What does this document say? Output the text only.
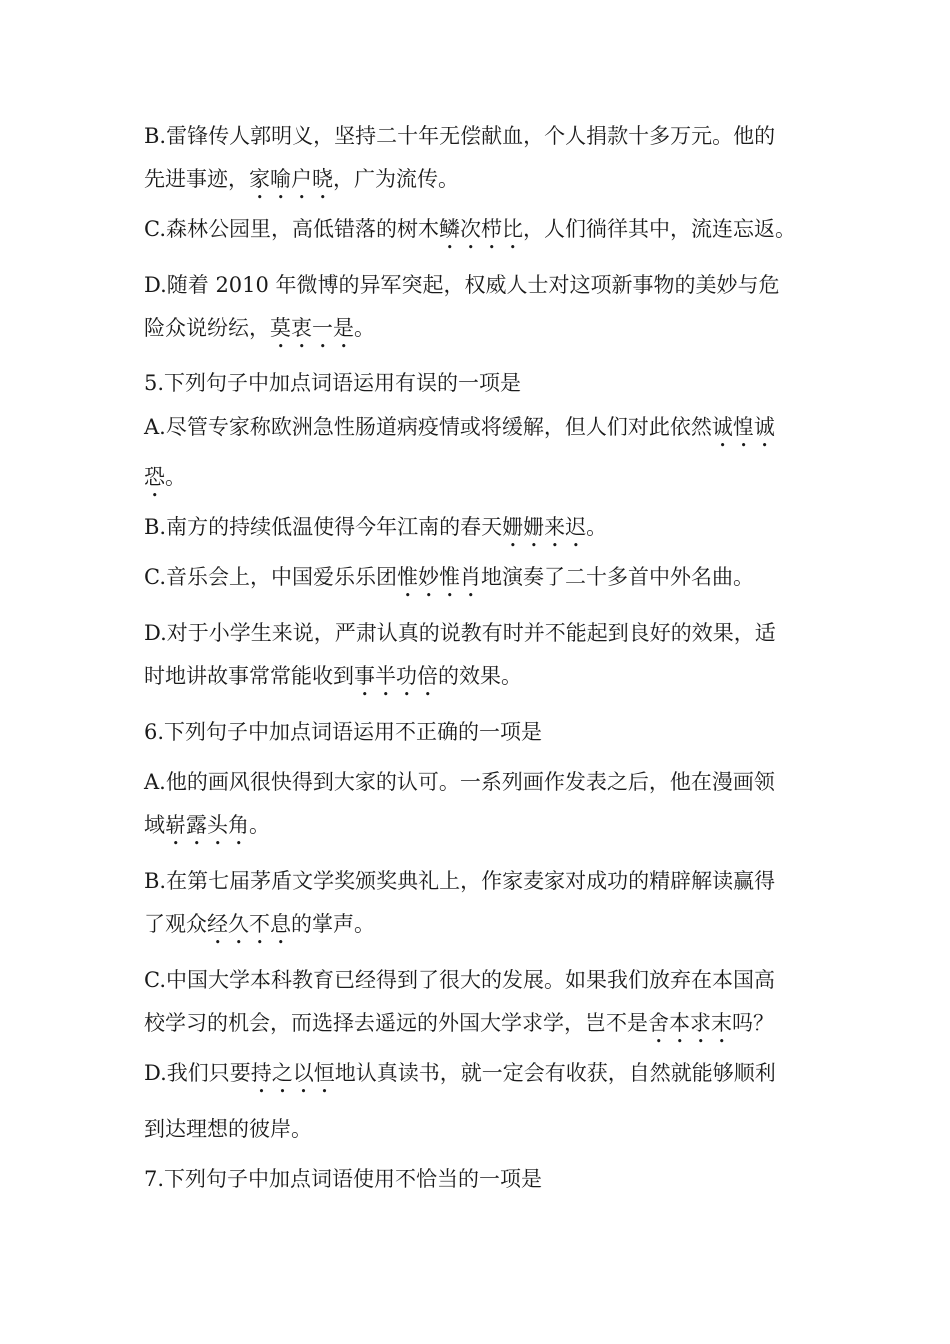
B.雷锋传人郭明义，坚持二十年无偿献血，个人捐款十多万元。他的
先进事迹，家喻户晓，广为流传。
C.森林公园里，高低错落的树木鳞次栉比，人们徜徉其中，流连忘返。
D.随着 2010 年微博的异军突起，权威人士对这项新事物的美妙与危
险众说纷纭，莫衷一是。
5.下列句子中加点词语运用有误的一项是
A.尽管专家称欧洲急性肠道病疫情或将缓解，但人们对此依然诚惶诚
恐。
B.南方的持续低温使得今年江南的春天姗姗来迟。
C.音乐会上，中国爱乐乐团惟妙惟肖地演奏了二十多首中外名曲。
D.对于小学生来说，严肃认真的说教有时并不能起到良好的效果，适
时地讲故事常常能收到事半功倍的效果。
6.下列句子中加点词语运用不正确的一项是
A.他的画风很快得到大家的认可。一系列画作发表之后，他在漫画领
域崭露头角。
B.在第七届茅盾文学奖颁奖典礼上，作家麦家对成功的精辟解读赢得
了观众经久不息的掌声。
C.中国大学本科教育已经得到了很大的发展。如果我们放弃在本国高
校学习的机会，而选择去遥远的外国大学求学，岂不是舍本求末吗？
D.我们只要持之以恒地认真读书，就一定会有收获，自然就能够顺利
到达理想的彼岸。
7.下列句子中加点词语使用不恰当的一项是
